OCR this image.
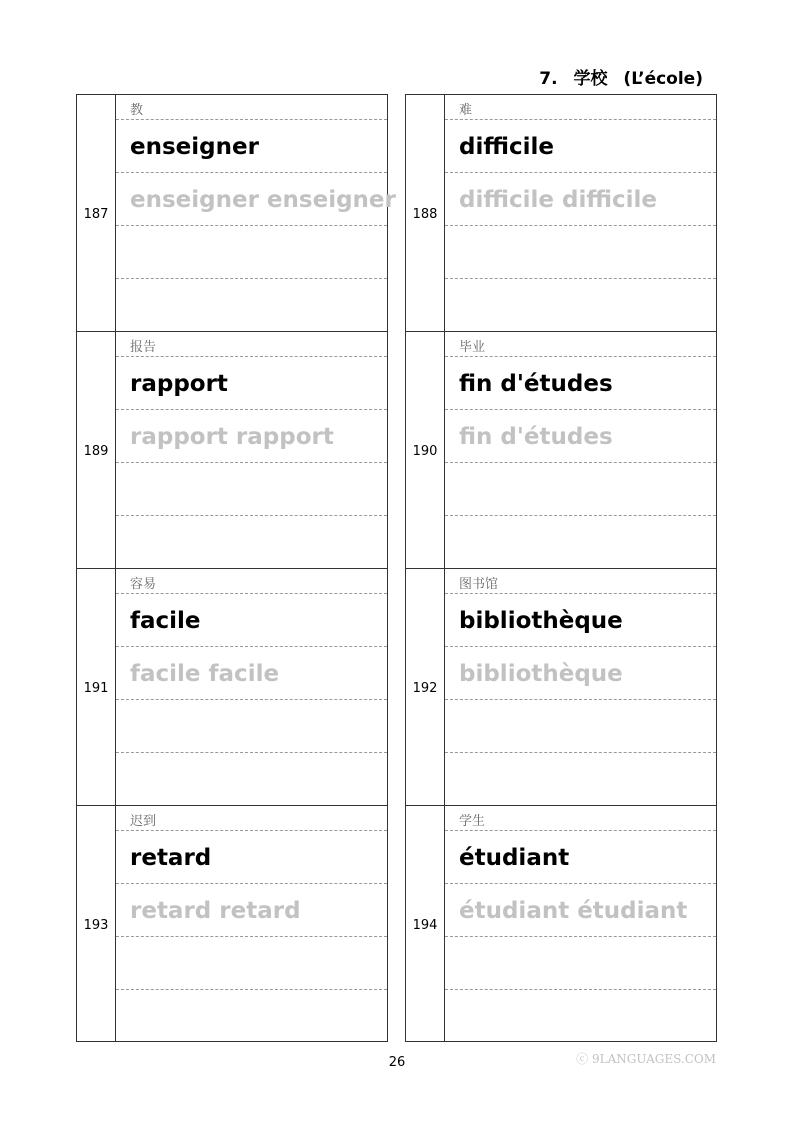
7. 学校 (L’école)
187
教
enseigner
enseigner enseigner
189
报告
rapport
rapport rapport
191
容易
facile
facile facile
193
迟到
retard
retard retard
188
难
difficile
difficile difficile
190
毕业
fin d'études
fin d'études
192
图书馆
bibliothèque
bibliothèque
194
学生
étudiant
étudiant étudiant
26	ⓒ 9LANGUAGES.COM
